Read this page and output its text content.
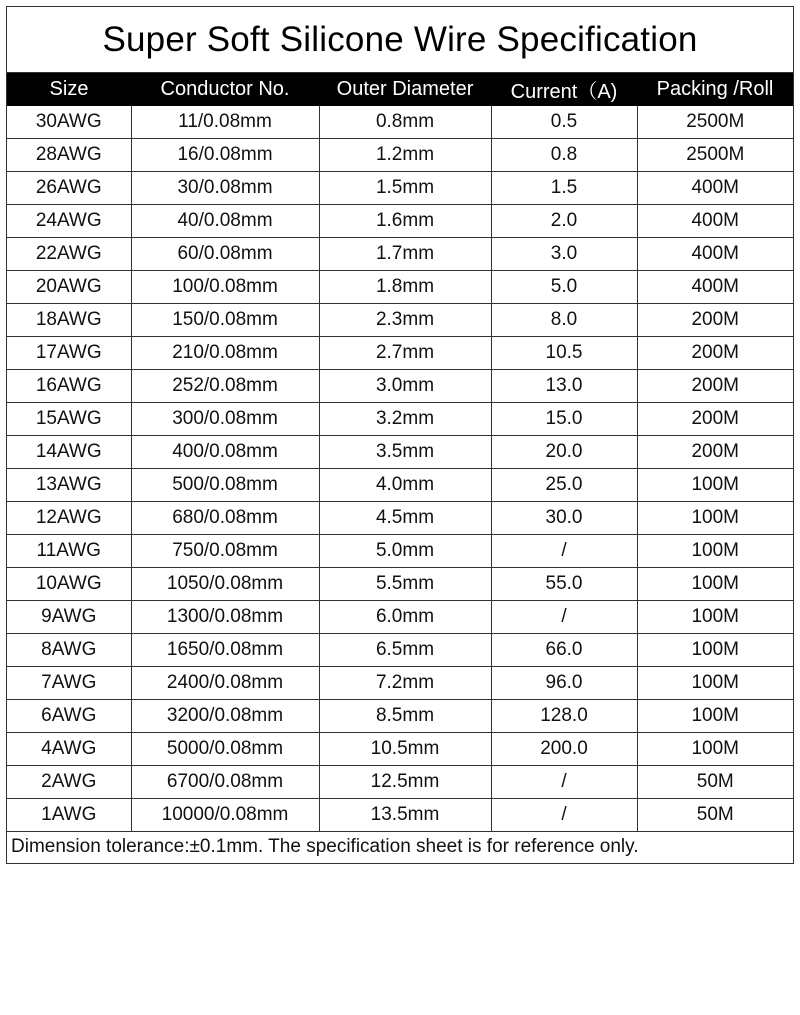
Super Soft Silicone Wire Specification
Size	Conductor No.	Outer Diameter	Current（A)	Packing /Roll
30AWG	11/0.08mm	0.8mm	0.5	2500M
28AWG	16/0.08mm	1.2mm	0.8	2500M
26AWG	30/0.08mm	1.5mm	1.5	400M
24AWG	40/0.08mm	1.6mm	2.0	400M
22AWG	60/0.08mm	1.7mm	3.0	400M
20AWG	100/0.08mm	1.8mm	5.0	400M
18AWG	150/0.08mm	2.3mm	8.0	200M
17AWG	210/0.08mm	2.7mm	10.5	200M
16AWG	252/0.08mm	3.0mm	13.0	200M
15AWG	300/0.08mm	3.2mm	15.0	200M
14AWG	400/0.08mm	3.5mm	20.0	200M
13AWG	500/0.08mm	4.0mm	25.0	100M
12AWG	680/0.08mm	4.5mm	30.0	100M
11AWG	750/0.08mm	5.0mm	/	100M
10AWG	1050/0.08mm	5.5mm	55.0	100M
9AWG	1300/0.08mm	6.0mm	/	100M
8AWG	1650/0.08mm	6.5mm	66.0	100M
7AWG	2400/0.08mm	7.2mm	96.0	100M
6AWG	3200/0.08mm	8.5mm	128.0	100M
4AWG	5000/0.08mm	10.5mm	200.0	100M
2AWG	6700/0.08mm	12.5mm	/	50M
1AWG	10000/0.08mm	13.5mm	/	50M
Dimension tolerance:±0.1mm. The specification sheet is for reference only.
